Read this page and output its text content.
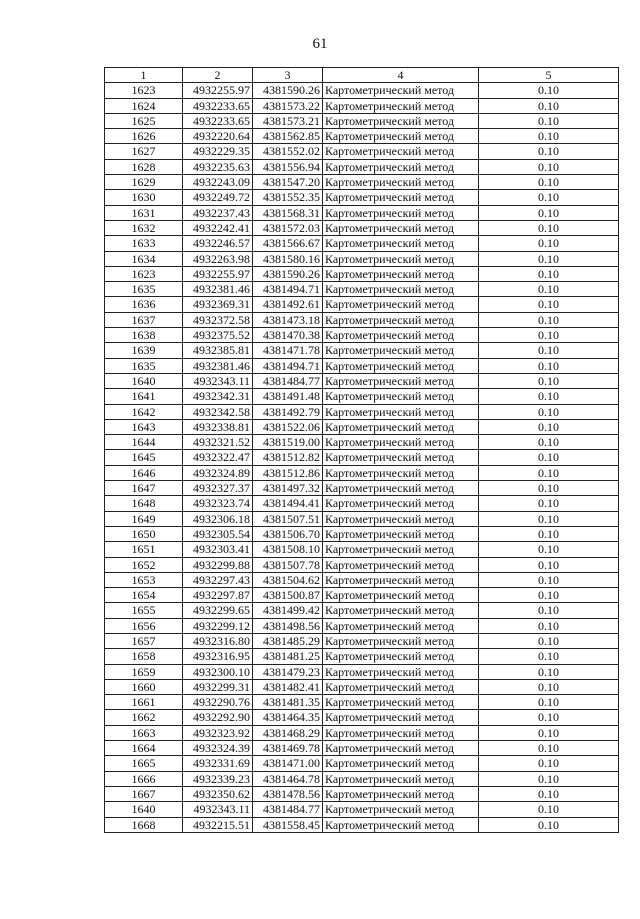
61
1	2	3	4	5
1623	4932255.97	4381590.26	Картометрический метод	0.10
1624	4932233.65	4381573.22	Картометрический метод	0.10
1625	4932233.65	4381573.21	Картометрический метод	0.10
1626	4932220.64	4381562.85	Картометрический метод	0.10
1627	4932229.35	4381552.02	Картометрический метод	0.10
1628	4932235.63	4381556.94	Картометрический метод	0.10
1629	4932243.09	4381547.20	Картометрический метод	0.10
1630	4932249.72	4381552.35	Картометрический метод	0.10
1631	4932237.43	4381568.31	Картометрический метод	0.10
1632	4932242.41	4381572.03	Картометрический метод	0.10
1633	4932246.57	4381566.67	Картометрический метод	0.10
1634	4932263.98	4381580.16	Картометрический метод	0.10
1623	4932255.97	4381590.26	Картометрический метод	0.10
1635	4932381.46	4381494.71	Картометрический метод	0.10
1636	4932369.31	4381492.61	Картометрический метод	0.10
1637	4932372.58	4381473.18	Картометрический метод	0.10
1638	4932375.52	4381470.38	Картометрический метод	0.10
1639	4932385.81	4381471.78	Картометрический метод	0.10
1635	4932381.46	4381494.71	Картометрический метод	0.10
1640	4932343.11	4381484.77	Картометрический метод	0.10
1641	4932342.31	4381491.48	Картометрический метод	0.10
1642	4932342.58	4381492.79	Картометрический метод	0.10
1643	4932338.81	4381522.06	Картометрический метод	0.10
1644	4932321.52	4381519.00	Картометрический метод	0.10
1645	4932322.47	4381512.82	Картометрический метод	0.10
1646	4932324.89	4381512.86	Картометрический метод	0.10
1647	4932327.37	4381497.32	Картометрический метод	0.10
1648	4932323.74	4381494.41	Картометрический метод	0.10
1649	4932306.18	4381507.51	Картометрический метод	0.10
1650	4932305.54	4381506.70	Картометрический метод	0.10
1651	4932303.41	4381508.10	Картометрический метод	0.10
1652	4932299.88	4381507.78	Картометрический метод	0.10
1653	4932297.43	4381504.62	Картометрический метод	0.10
1654	4932297.87	4381500.87	Картометрический метод	0.10
1655	4932299.65	4381499.42	Картометрический метод	0.10
1656	4932299.12	4381498.56	Картометрический метод	0.10
1657	4932316.80	4381485.29	Картометрический метод	0.10
1658	4932316.95	4381481.25	Картометрический метод	0.10
1659	4932300.10	4381479.23	Картометрический метод	0.10
1660	4932299.31	4381482.41	Картометрический метод	0.10
1661	4932290.76	4381481.35	Картометрический метод	0.10
1662	4932292.90	4381464.35	Картометрический метод	0.10
1663	4932323.92	4381468.29	Картометрический метод	0.10
1664	4932324.39	4381469.78	Картометрический метод	0.10
1665	4932331.69	4381471.00	Картометрический метод	0.10
1666	4932339.23	4381464.78	Картометрический метод	0.10
1667	4932350.62	4381478.56	Картометрический метод	0.10
1640	4932343.11	4381484.77	Картометрический метод	0.10
1668	4932215.51	4381558.45	Картометрический метод	0.10
